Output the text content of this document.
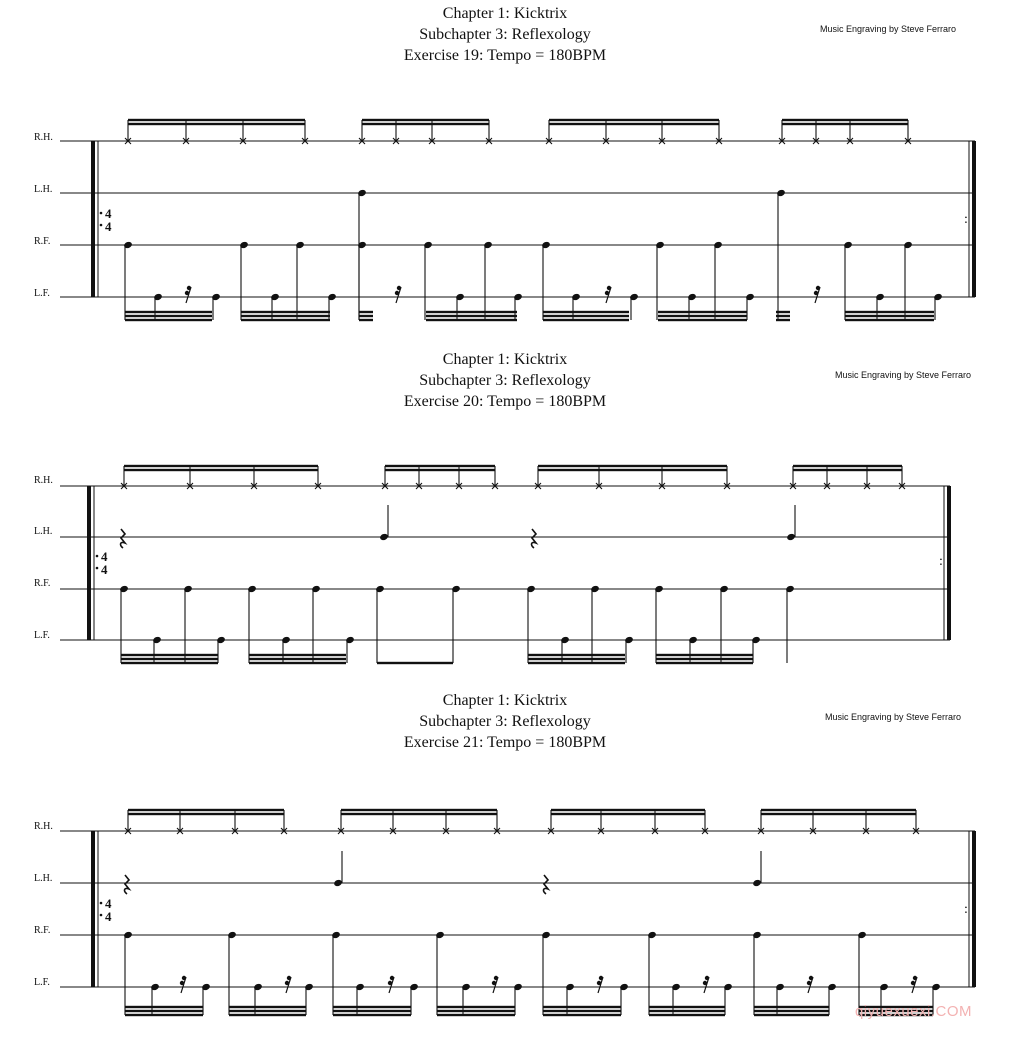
Chapter 1: Kicktrix
Subchapter 3: Reflexology
Exercise 19: Tempo = 180BPM
Music Engraving by Steve Ferraro
R.H.
L.H.
R.F.
L.F.
4
4	:
Chapter 1: Kicktrix
Subchapter 3: Reflexology
Exercise 20: Tempo = 180BPM
Music Engraving by Steve Ferraro
R.H.
L.H.
R.F.
L.F.
4
4
:
Chapter 1: Kicktrix
Subchapter 3: Reflexology
Exercise 21: Tempo = 180BPM
Music Engraving by Steve Ferraro
R.H.
L.H.
R.F.
L.F.
4
4	:
qiyuexuexi.COM
